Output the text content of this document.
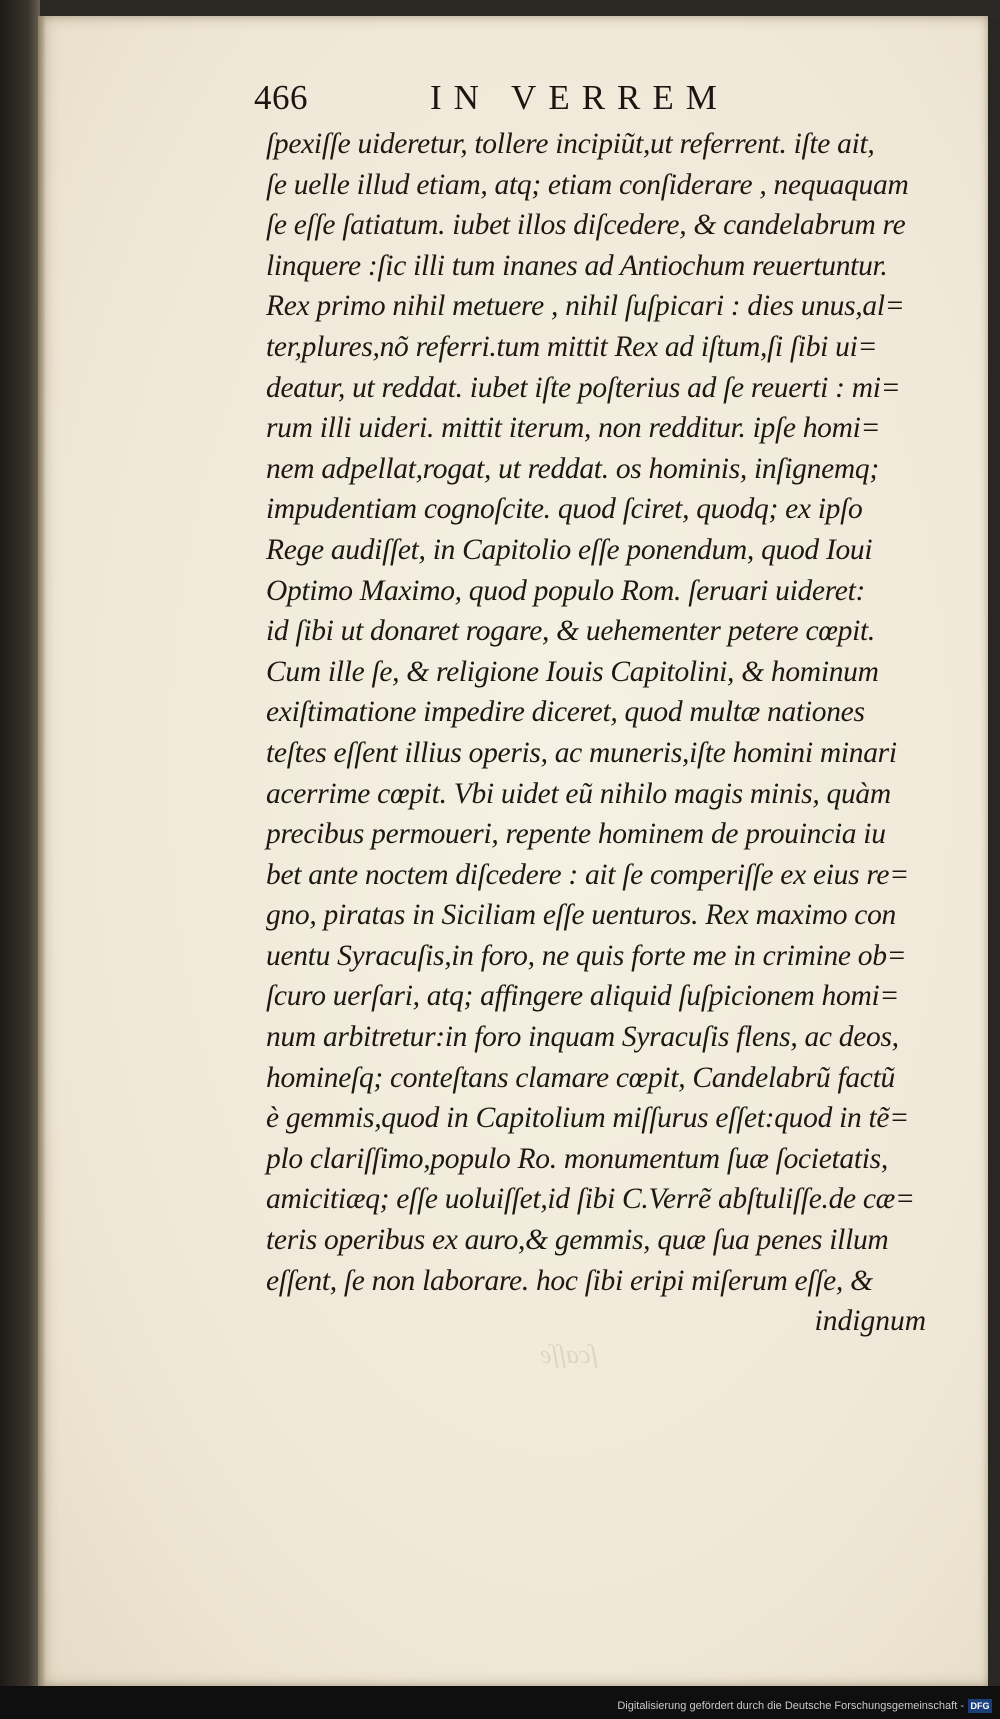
ſcaſſe
466	IN VERREM
ſpexiſſe uideretur, tollere incipiũt,ut referrent. iſte ait,
ſe uelle illud etiam, atq; etiam conſiderare , nequaquam
ſe eſſe ſatiatum. iubet illos diſcedere, & candelabrum re
linquere :ſic illi tum inanes ad Antiochum reuertuntur.
Rex primo nihil metuere , nihil ſuſpicari : dies unus,al=
ter,plures,nõ referri.tum mittit Rex ad iſtum,ſi ſibi ui=
deatur, ut reddat. iubet iſte poſterius ad ſe reuerti : mi=
rum illi uideri. mittit iterum, non redditur. ipſe homi=
nem adpellat,rogat, ut reddat. os hominis, inſignemq;
impudentiam cognoſcite. quod ſciret, quodq; ex ipſo
Rege audiſſet, in Capitolio eſſe ponendum, quod Ioui
Optimo Maximo, quod populo Rom. ſeruari uideret:
id ſibi ut donaret rogare, & uehementer petere cœpit.
Cum ille ſe, & religione Iouis Capitolini, & hominum
exiſtimatione impedire diceret, quod multæ nationes
teſtes eſſent illius operis, ac muneris,iſte homini minari
acerrime cœpit. Vbi uidet eũ nihilo magis minis, quàm
precibus permoueri, repente hominem de prouincia iu
bet ante noctem diſcedere : ait ſe comperiſſe ex eius re=
gno, piratas in Siciliam eſſe uenturos. Rex maximo con
uentu Syracuſis,in foro, ne quis forte me in crimine ob=
ſcuro uerſari, atq; affingere aliquid ſuſpicionem homi=
num arbitretur:in foro inquam Syracuſis flens, ac deos,
homineſq; conteſtans clamare cœpit, Candelabrũ factũ
è gemmis,quod in Capitolium miſſurus eſſet:quod in tẽ=
plo clariſſimo,populo Ro. monumentum ſuæ ſocietatis,
amicitiæq; eſſe uoluiſſet,id ſibi C.Verrẽ abſtuliſſe.de cæ=
teris operibus ex auro,& gemmis, quæ ſua penes illum
eſſent, ſe non laborare. hoc ſibi eripi miſerum eſſe, &
indignum
Digitalisierung gefördert durch die Deutsche Forschungsgemeinschaft - DFG
